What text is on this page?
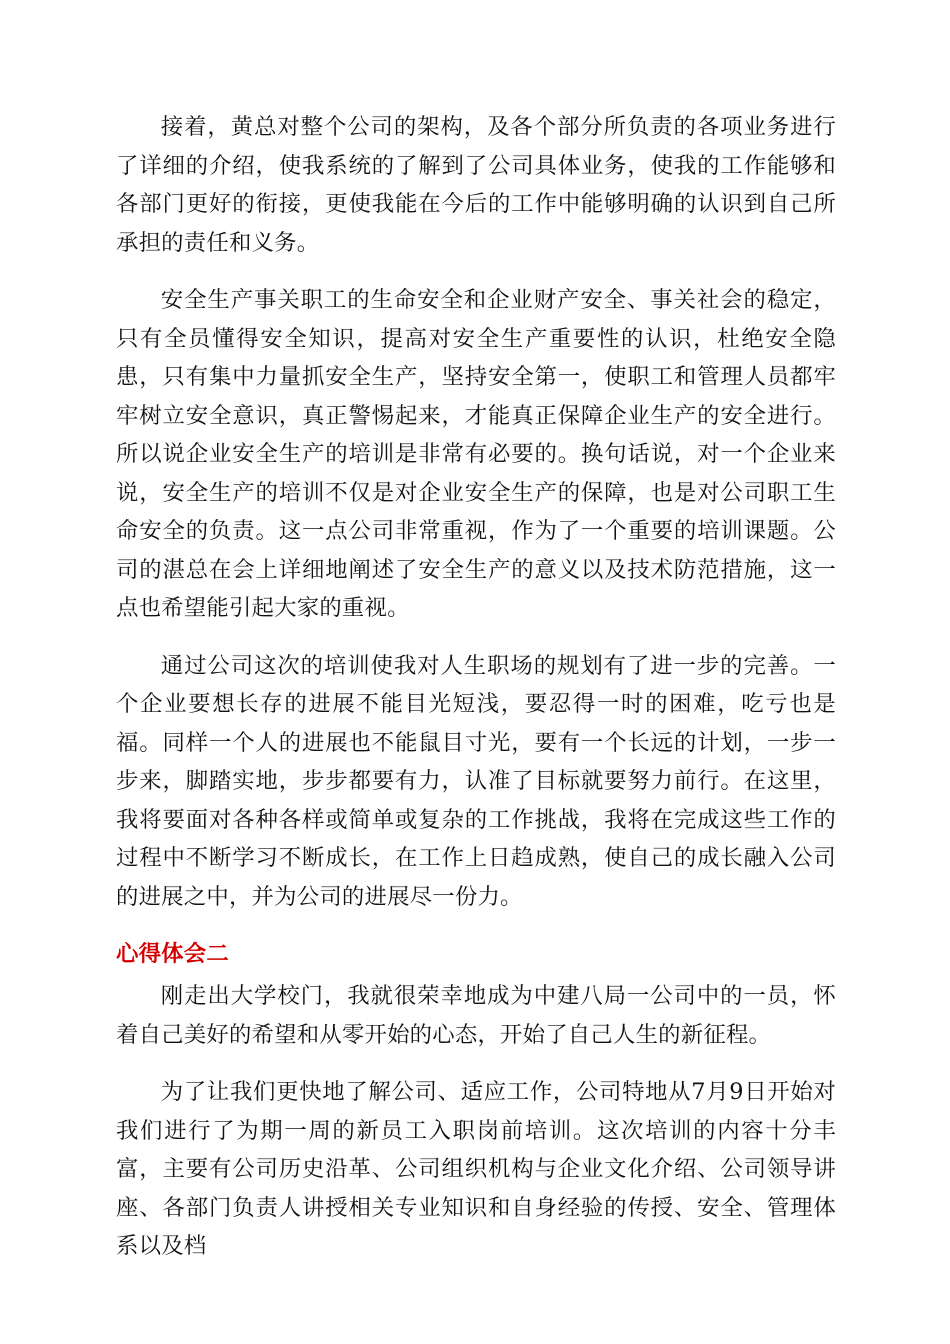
接着，黄总对整个公司的架构，及各个部分所负责的各项业务进行了详细的介绍，使我系统的了解到了公司具体业务，使我的工作能够和各部门更好的衔接，更使我能在今后的工作中能够明确的认识到自己所承担的责任和义务。

安全生产事关职工的生命安全和企业财产安全、事关社会的稳定，只有全员懂得安全知识，提高对安全生产重要性的认识，杜绝安全隐患，只有集中力量抓安全生产，坚持安全第一，使职工和管理人员都牢牢树立安全意识，真正警惕起来，才能真正保障企业生产的安全进行。所以说企业安全生产的培训是非常有必要的。换句话说，对一个企业来说，安全生产的培训不仅是对企业安全生产的保障，也是对公司职工生命安全的负责。这一点公司非常重视，作为了一个重要的培训课题。公司的湛总在会上详细地阐述了安全生产的意义以及技术防范措施，这一点也希望能引起大家的重视。

通过公司这次的培训使我对人生职场的规划有了进一步的完善。一个企业要想长存的进展不能目光短浅，要忍得一时的困难，吃亏也是福。同样一个人的进展也不能鼠目寸光，要有一个长远的计划，一步一步来，脚踏实地，步步都要有力，认准了目标就要努力前行。在这里，我将要面对各种各样或简单或复杂的工作挑战，我将在完成这些工作的过程中不断学习不断成长，在工作上日趋成熟，使自己的成长融入公司的进展之中，并为公司的进展尽一份力。

心得体会二

刚走出大学校门，我就很荣幸地成为中建八局一公司中的一员，怀着自己美好的希望和从零开始的心态，开始了自己人生的新征程。

为了让我们更快地了解公司、适应工作，公司特地从7月9日开始对我们进行了为期一周的新员工入职岗前培训。这次培训的内容十分丰富，主要有公司历史沿革、公司组织机构与企业文化介绍、公司领导讲座、各部门负责人讲授相关专业知识和自身经验的传授、安全、管理体系以及档
